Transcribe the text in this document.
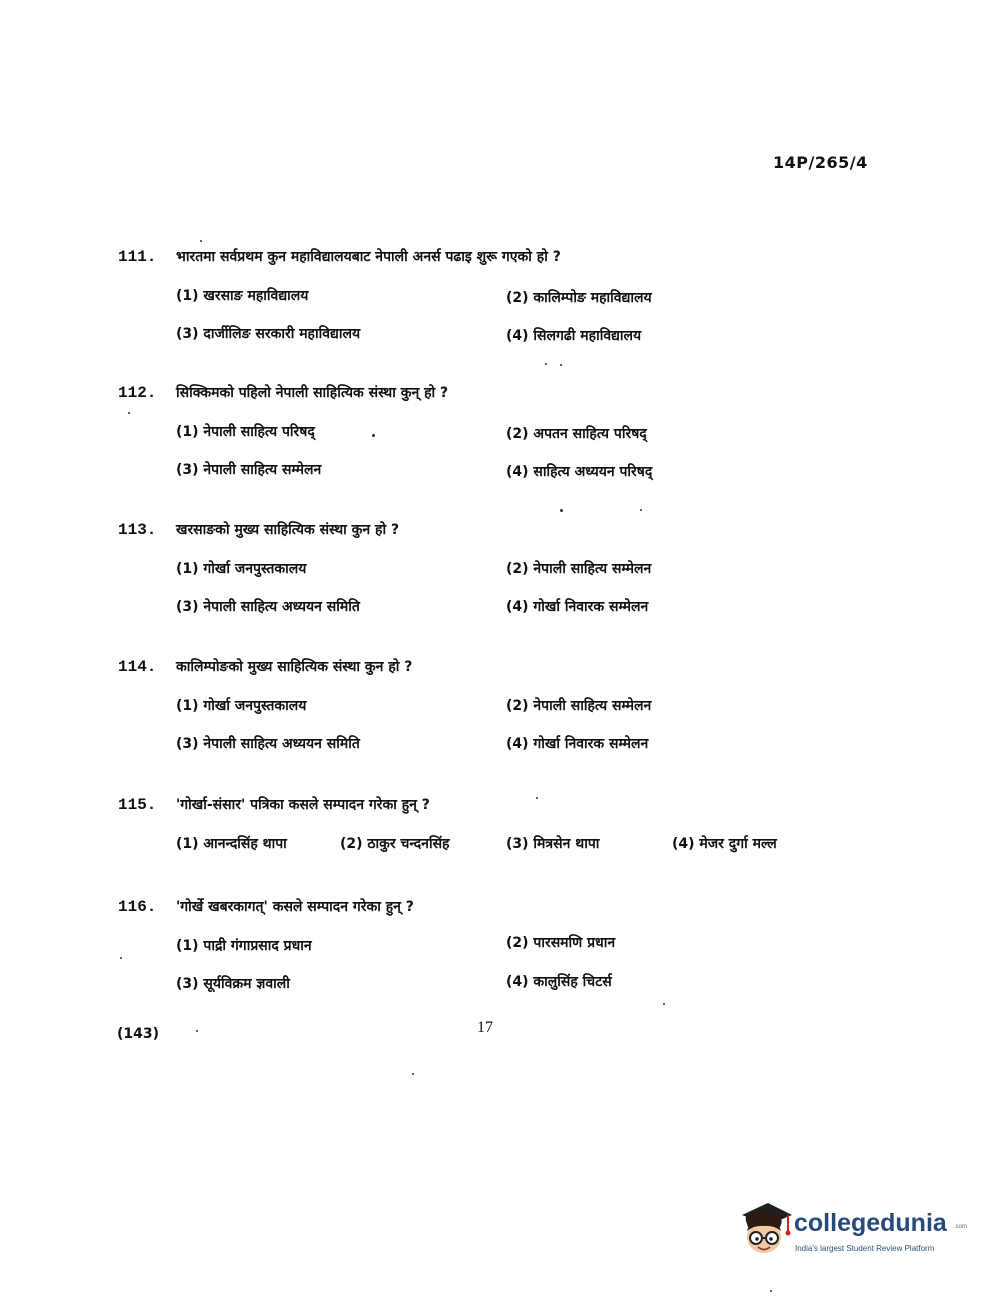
14P/265/4
111. भारतमा सर्वप्रथम कुन महाविद्यालयबाट नेपाली अनर्स पढाइ शुरू गएको हो ?
(1) खरसाङ महाविद्यालय	(2) कालिम्पोङ महाविद्यालय
(3) दार्जीलिङ सरकारी महाविद्यालय	(4) सिलगढी महाविद्यालय
112. सिक्किमको पहिलो नेपाली साहित्यिक संस्था कुन् हो ?
(1) नेपाली साहित्य परिषद्	(2) अपतन साहित्य परिषद्
(3) नेपाली साहित्य सम्मेलन	(4) साहित्य अध्ययन परिषद्
113. खरसाङको मुख्य साहित्यिक संस्था कुन हो ?
(1) गोर्खा जनपुस्तकालय	(2) नेपाली साहित्य सम्मेलन
(3) नेपाली साहित्य अध्ययन समिति	(4) गोर्खा निवारक सम्मेलन
114. कालिम्पोङको मुख्य साहित्यिक संस्था कुन हो ?
(1) गोर्खा जनपुस्तकालय	(2) नेपाली साहित्य सम्मेलन
(3) नेपाली साहित्य अध्ययन समिति	(4) गोर्खा निवारक सम्मेलन
115. 'गोर्खा-संसार' पत्रिका कसले सम्पादन गरेका हुन् ?
(1) आनन्दसिंह थापा	(2) ठाकुर चन्दनसिंह	(3) मित्रसेन थापा	(4) मेजर दुर्गा मल्ल
116. 'गोर्खे खबरकागत्' कसले सम्पादन गरेका हुन् ?
(1) पाद्री गंगाप्रसाद प्रधान	(2) पारसमणि प्रधान
(3) सूर्यविक्रम ज्ञवाली	(4) कालुसिंह चिटर्स
(143)	17
collegedunia .com
India's largest Student Review Platform
